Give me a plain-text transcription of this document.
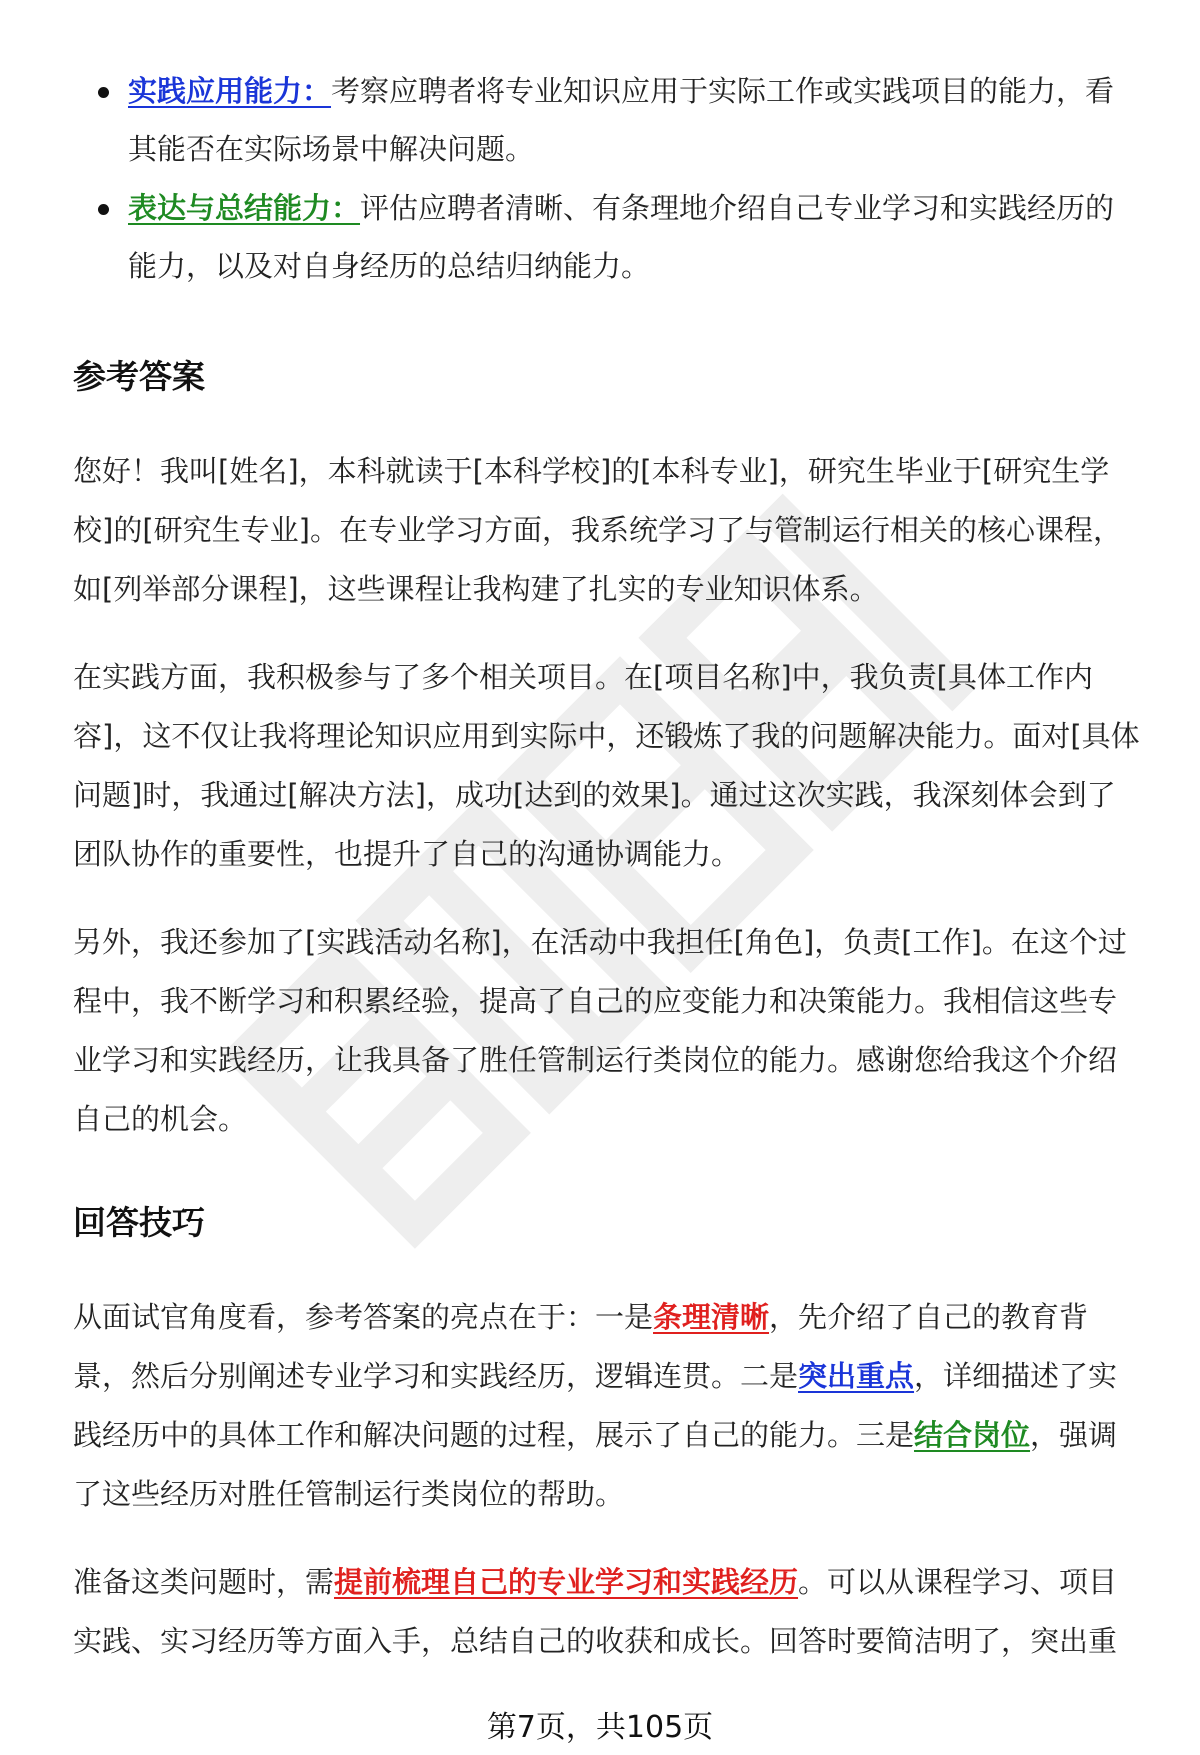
实践应用能力：考察应聘者将专业知识应用于实际工作或实践项目的能力，看其能否在实际场景中解决问题。
表达与总结能力：评估应聘者清晰、有条理地介绍自己专业学习和实践经历的能力，以及对自身经历的总结归纳能力。
参考答案

您好！我叫[姓名]，本科就读于[本科学校]的[本科专业]，研究生毕业于[研究生学校]的[研究生专业]。在专业学习方面，我系统学习了与管制运行相关的核心课程，如[列举部分课程]，这些课程让我构建了扎实的专业知识体系。

在实践方面，我积极参与了多个相关项目。在[项目名称]中，我负责[具体工作内容]，这不仅让我将理论知识应用到实际中，还锻炼了我的问题解决能力。面对[具体问题]时，我通过[解决方法]，成功[达到的效果]。通过这次实践，我深刻体会到了团队协作的重要性，也提升了自己的沟通协调能力。

另外，我还参加了[实践活动名称]，在活动中我担任[角色]，负责[工作]。在这个过程中，我不断学习和积累经验，提高了自己的应变能力和决策能力。我相信这些专业学习和实践经历，让我具备了胜任管制运行类岗位的能力。感谢您给我这个介绍自己的机会。

回答技巧

从面试官角度看，参考答案的亮点在于：一是条理清晰，先介绍了自己的教育背景，然后分别阐述专业学习和实践经历，逻辑连贯。二是突出重点，详细描述了实践经历中的具体工作和解决问题的过程，展示了自己的能力。三是结合岗位，强调了这些经历对胜任管制运行类岗位的帮助。

准备这类问题时，需提前梳理自己的专业学习和实践经历。可以从课程学习、项目实践、实习经历等方面入手，总结自己的收获和成长。回答时要简洁明了，突出重

第7页，共105页
